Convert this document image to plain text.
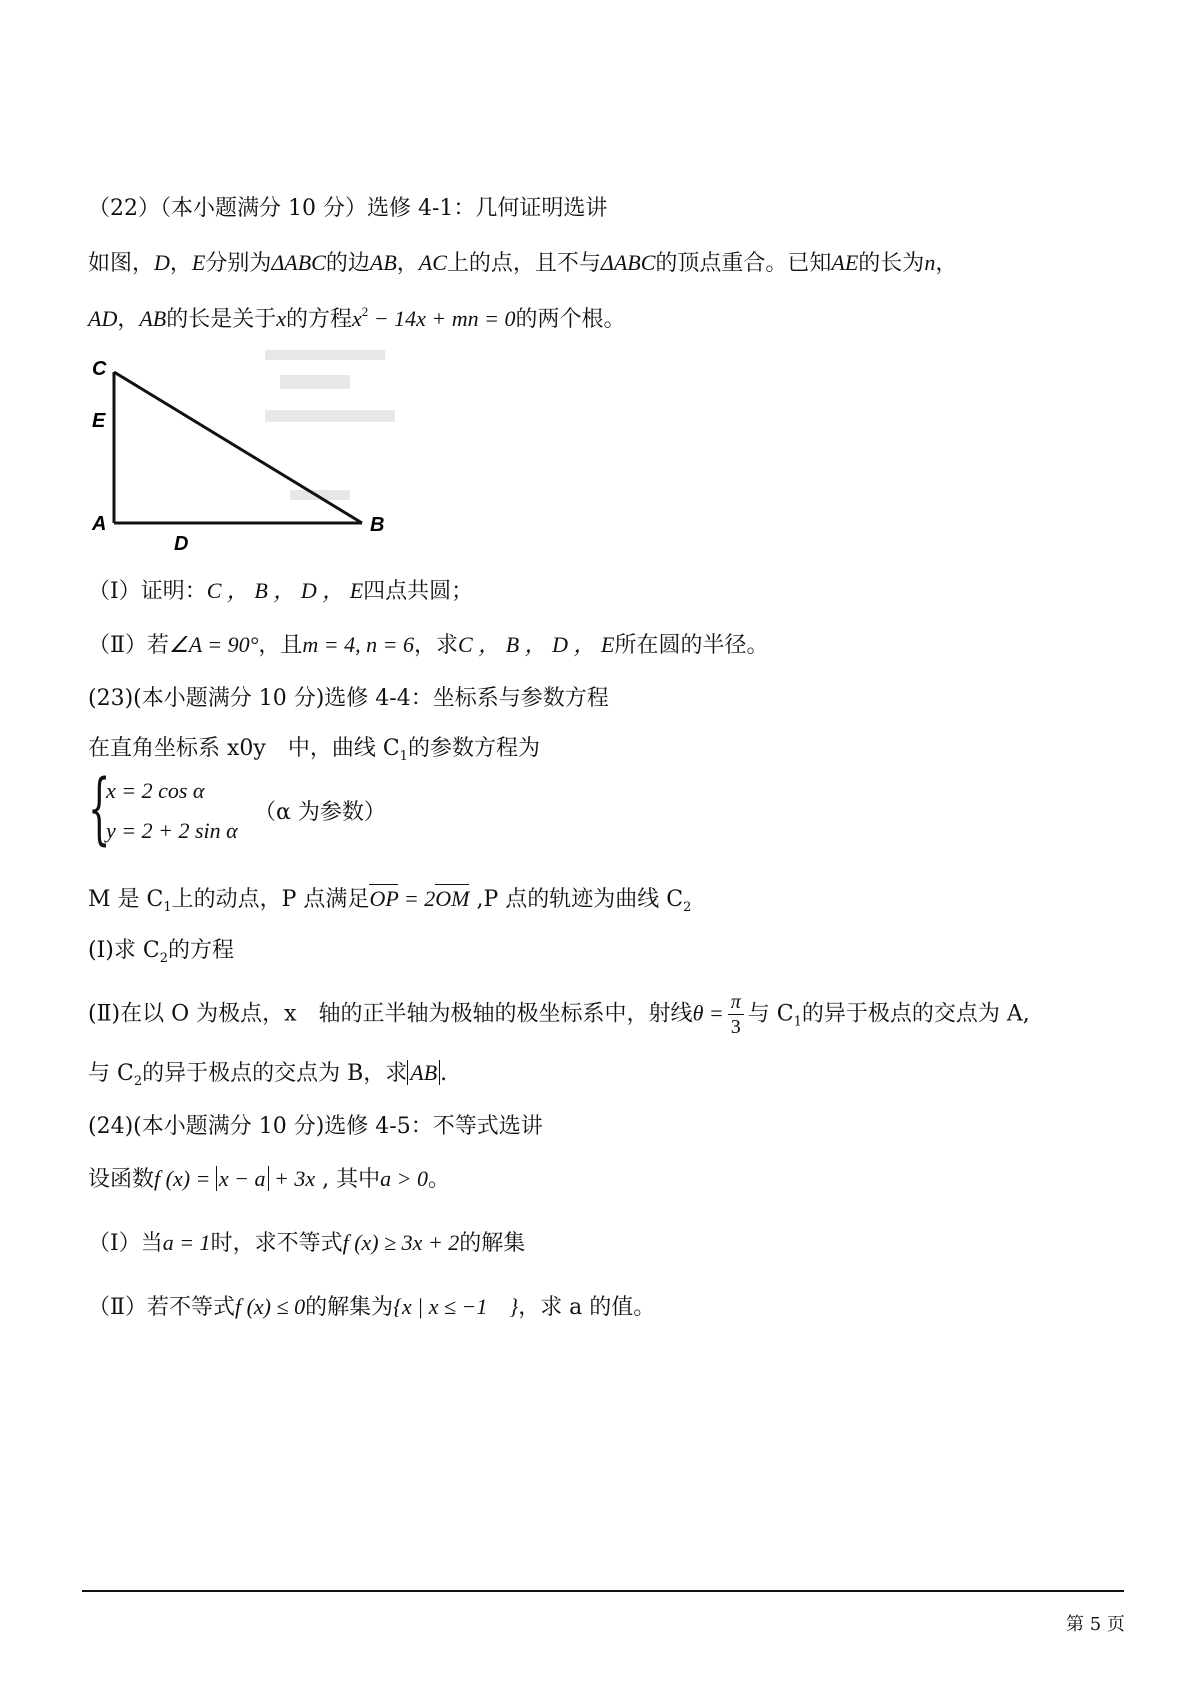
（22）（本小题满分 10 分）选修 4-1：几何证明选讲
如图，D，E分别为ΔABC的边AB，AC上的点，且不与ΔABC的顶点重合。已知AE的长为n，
AD，AB的长是关于x的方程$x^2 - 14x$ + mn = 0的两个根。
C
E
A
D
B
（Ⅰ）证明：C ， B ， D ， E四点共圆；
（Ⅱ）若∠A = 90°，且m = 4, n = 6，求C ， B ， D ， E所在圆的半径。
(23)(本小题满分 10 分)选修 4-4：坐标系与参数方程
在直角坐标系 x0y　中，曲线 $C_1$的参数方程为
{
x = 2 cos α
y = 2 + 2 sin α
（α 为参数）
M 是 $C_1$上的动点，P 点满足OP = 2OM ,P 点的轨迹为曲线 $C_2$
(Ⅰ)求 $C_2$的方程
(Ⅱ)在以 O 为极点，x　轴的正半轴为极轴的极坐标系中，射线$\theta = \frac{\pi}{3}$ 与 $C_1$的异于极点的交点为 A,
与 $C_2$的异于极点的交点为 B，求 AB .
(24)(本小题满分 10 分)选修 4-5：不等式选讲
设函数f (x) = x − a + 3x , 其中a > 0。
（Ⅰ）当a = 1时，求不等式f (x) ≥ 3x + 2的解集
（Ⅱ）若不等式f (x) ≤ 0的解集为{x | x ≤ −1　}，求 a 的值。
第 5 页
